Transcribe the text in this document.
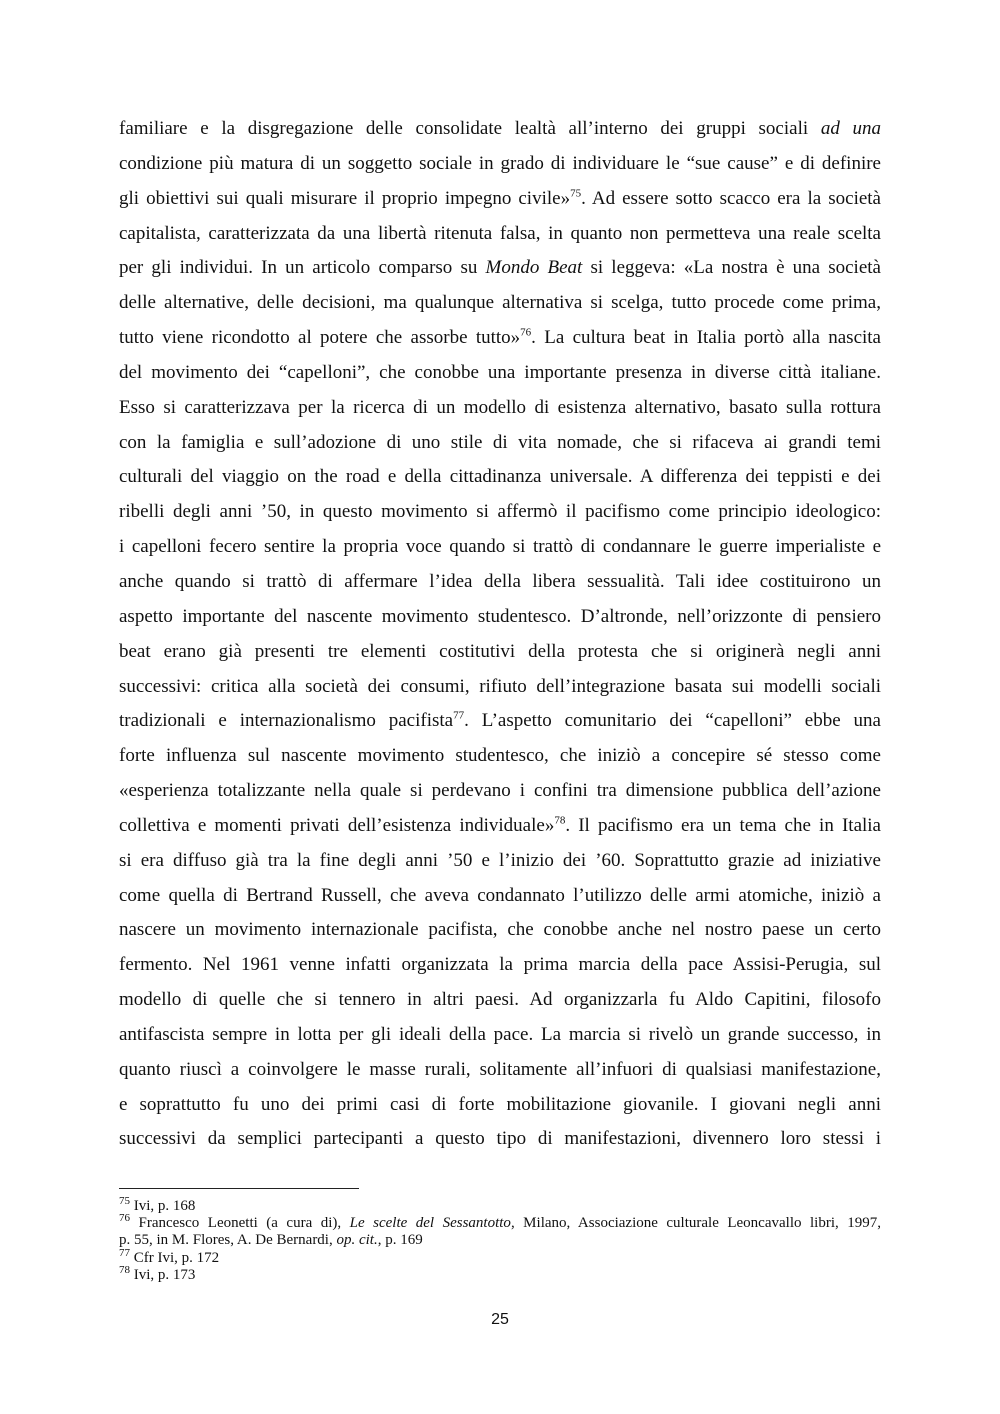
familiare e la disgregazione delle consolidate lealtà all’interno dei gruppi sociali ad una
condizione più matura di un soggetto sociale in grado di individuare le “sue cause” e di definire
gli obiettivi sui quali misurare il proprio impegno civile»$^{75}$. Ad essere sotto scacco era la società
capitalista, caratterizzata da una libertà ritenuta falsa, in quanto non permetteva una reale scelta
per gli individui. In un articolo comparso su Mondo Beat si leggeva: «La nostra è una società
delle alternative, delle decisioni, ma qualunque alternativa si scelga, tutto procede come prima,
tutto viene ricondotto al potere che assorbe tutto»$^{76}$. La cultura beat in Italia portò alla nascita
del movimento dei “capelloni”, che conobbe una importante presenza in diverse città italiane.
Esso si caratterizzava per la ricerca di un modello di esistenza alternativo, basato sulla rottura
con la famiglia e sull’adozione di uno stile di vita nomade, che si rifaceva ai grandi temi
culturali del viaggio on the road e della cittadinanza universale. A differenza dei teppisti e dei
ribelli degli anni ’50, in questo movimento si affermò il pacifismo come principio ideologico:
i capelloni fecero sentire la propria voce quando si trattò di condannare le guerre imperialiste e
anche quando si trattò di affermare l’idea della libera sessualità. Tali idee costituirono un
aspetto importante del nascente movimento studentesco. D’altronde, nell’orizzonte di pensiero
beat erano già presenti tre elementi costitutivi della protesta che si originerà negli anni
successivi: critica alla società dei consumi, rifiuto dell’integrazione basata sui modelli sociali
tradizionali e internazionalismo pacifista$^{77}$. L’aspetto comunitario dei “capelloni” ebbe una
forte influenza sul nascente movimento studentesco, che iniziò a concepire sé stesso come
«esperienza totalizzante nella quale si perdevano i confini tra dimensione pubblica dell’azione
collettiva e momenti privati dell’esistenza individuale»$^{78}$. Il pacifismo era un tema che in Italia
si era diffuso già tra la fine degli anni ’50 e l’inizio dei ’60. Soprattutto grazie ad iniziative
come quella di Bertrand Russell, che aveva condannato l’utilizzo delle armi atomiche, iniziò a
nascere un movimento internazionale pacifista, che conobbe anche nel nostro paese un certo
fermento. Nel 1961 venne infatti organizzata la prima marcia della pace Assisi-Perugia, sul
modello di quelle che si tennero in altri paesi. Ad organizzarla fu Aldo Capitini, filosofo
antifascista sempre in lotta per gli ideali della pace. La marcia si rivelò un grande successo, in
quanto riuscì a coinvolgere le masse rurali, solitamente all’infuori di qualsiasi manifestazione,
e soprattutto fu uno dei primi casi di forte mobilitazione giovanile. I giovani negli anni
successivi da semplici partecipanti a questo tipo di manifestazioni, divennero loro stessi i
$^{75}$ Ivi, p. 168
$^{76}$ Francesco Leonetti (a cura di), Le scelte del Sessantotto, Milano, Associazione culturale Leoncavallo libri, 1997,
p. 55, in M. Flores, A. De Bernardi, op. cit., p. 169
$^{77}$ Cfr Ivi, p. 172
$^{78}$ Ivi, p. 173
25
